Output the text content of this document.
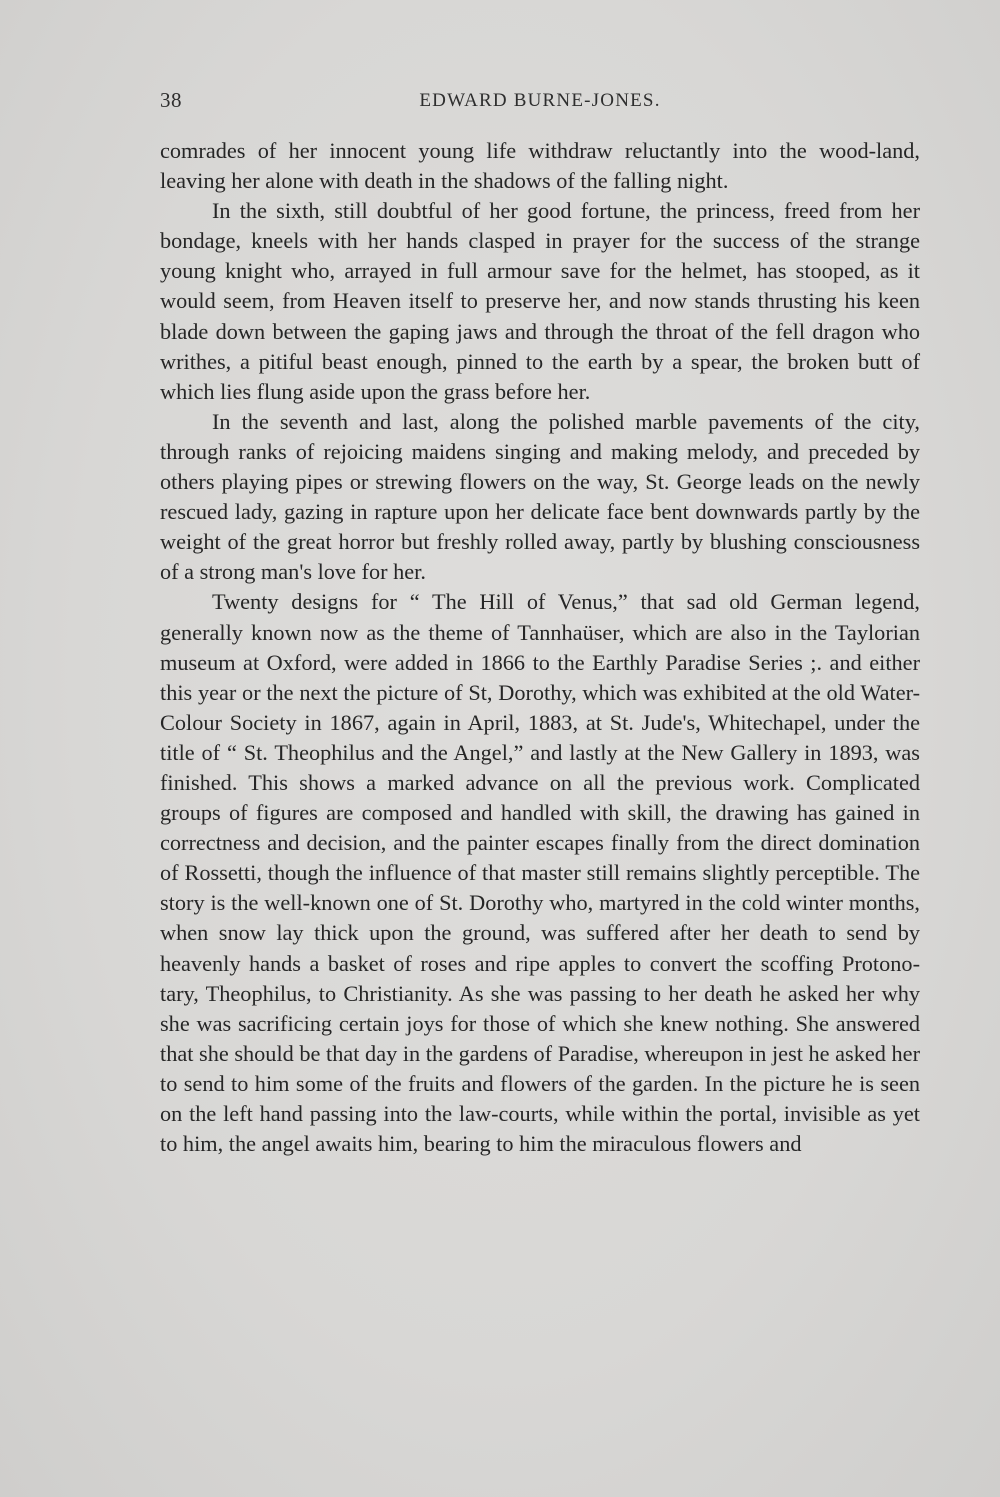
38	EDWARD BURNE-JONES.

comrades of her innocent young life withdraw reluctantly into the wood-land, leaving her alone with death in the shadows of the falling night.

In the sixth, still doubtful of her good fortune, the princess, freed from her bondage, kneels with her hands clasped in prayer for the success of the strange young knight who, arrayed in full armour save for the helmet, has stooped, as it would seem, from Heaven itself to preserve her, and now stands thrusting his keen blade down between the gaping jaws and through the throat of the fell dragon who writhes, a pitiful beast enough, pinned to the earth by a spear, the broken butt of which lies flung aside upon the grass before her.

In the seventh and last, along the polished marble pavements of the city, through ranks of rejoicing maidens singing and making melody, and preceded by others playing pipes or strewing flowers on the way, St. George leads on the newly rescued lady, gazing in rapture upon her delicate face bent downwards partly by the weight of the great horror but freshly rolled away, partly by blushing consciousness of a strong man's love for her.

Twenty designs for “ The Hill of Venus,” that sad old German legend, generally known now as the theme of Tannhaüser, which are also in the Taylorian museum at Oxford, were added in 1866 to the Earthly Paradise Series ;. and either this year or the next the picture of St, Dorothy, which was exhibited at the old Water-Colour Society in 1867, again in April, 1883, at St. Jude's, Whitechapel, under the title of “ St. Theophilus and the Angel,” and lastly at the New Gallery in 1893, was finished. This shows a marked advance on all the previous work. Complicated groups of figures are composed and handled with skill, the drawing has gained in correctness and decision, and the painter escapes finally from the direct domination of Rossetti, though the influence of that master still remains slightly perceptible. The story is the well-known one of St. Dorothy who, martyred in the cold winter months, when snow lay thick upon the ground, was suffered after her death to send by heavenly hands a basket of roses and ripe apples to convert the scoffing Protono-tary, Theophilus, to Christianity. As she was passing to her death he asked her why she was sacrificing certain joys for those of which she knew nothing. She answered that she should be that day in the gardens of Paradise, whereupon in jest he asked her to send to him some of the fruits and flowers of the garden. In the picture he is seen on the left hand passing into the law-courts, while within the portal, invisible as yet to him, the angel awaits him, bearing to him the miraculous flowers and
